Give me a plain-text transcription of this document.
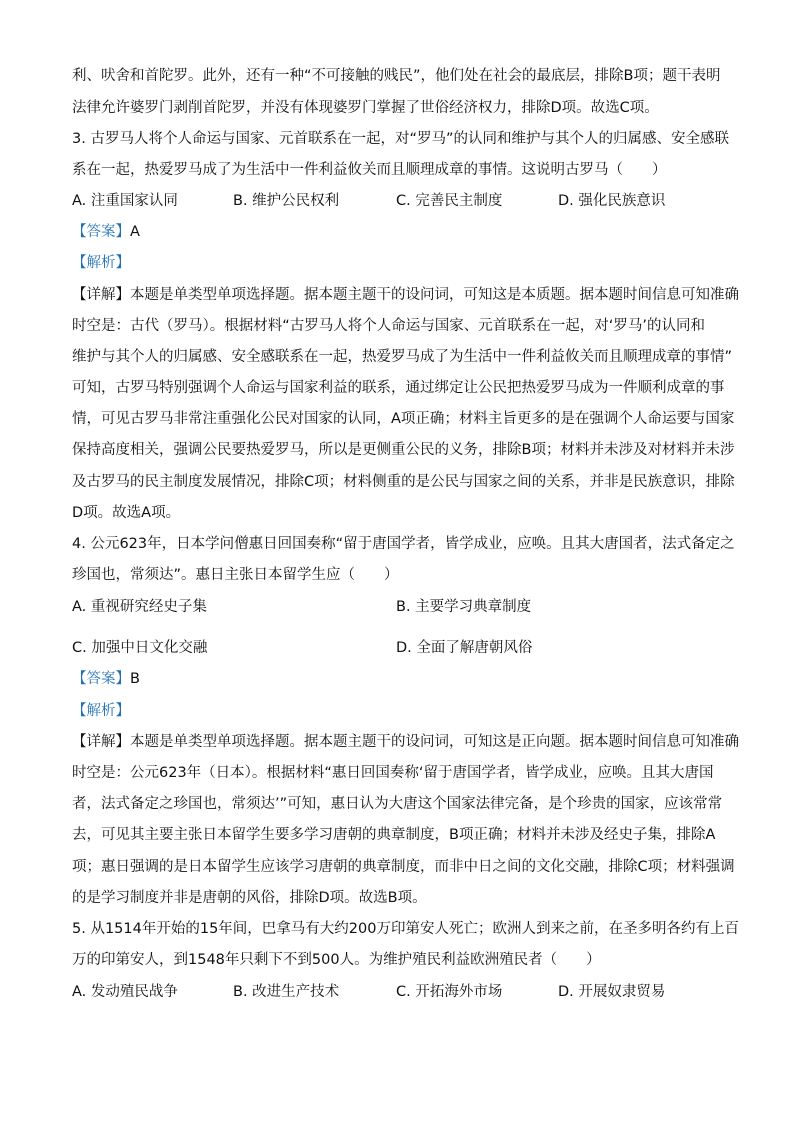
利、吠舍和首陀罗。此外，还有一种“不可接触的贱民”，他们处在社会的最底层，排除B项；题干表明
法律允许婆罗门剥削首陀罗，并没有体现婆罗门掌握了世俗经济权力，排除D项。故选C项。
3. 古罗马人将个人命运与国家、元首联系在一起，对“罗马”的认同和维护与其个人的归属感、安全感联
系在一起，热爱罗马成了为生活中一件利益攸关而且顺理成章的事情。这说明古罗马（　　）
A. 注重国家认同	B. 维护公民权利	C. 完善民主制度	D. 强化民族意识
【答案】A
【解析】
【详解】本题是单类型单项选择题。据本题主题干的设问词，可知这是本质题。据本题时间信息可知准确
时空是：古代（罗马）。根据材料“古罗马人将个人命运与国家、元首联系在一起，对‘罗马’的认同和
维护与其个人的归属感、安全感联系在一起，热爱罗马成了为生活中一件利益攸关而且顺理成章的事情”
可知，古罗马特别强调个人命运与国家利益的联系，通过绑定让公民把热爱罗马成为一件顺利成章的事
情，可见古罗马非常注重强化公民对国家的认同，A项正确；材料主旨更多的是在强调个人命运要与国家
保持高度相关，强调公民要热爱罗马，所以是更侧重公民的义务，排除B项；材料并未涉及对材料并未涉
及古罗马的民主制度发展情况，排除C项；材料侧重的是公民与国家之间的关系，并非是民族意识，排除
D项。故选A项。
4. 公元623年，日本学问僧惠日回国奏称“留于唐国学者，皆学成业，应唤。且其大唐国者，法式备定之
珍国也，常须达”。惠日主张日本留学生应（　　）
A. 重视研究经史子集	B. 主要学习典章制度
C. 加强中日文化交融	D. 全面了解唐朝风俗
【答案】B
【解析】
【详解】本题是单类型单项选择题。据本题主题干的设问词，可知这是正向题。据本题时间信息可知准确
时空是：公元623年（日本）。根据材料“惠日回国奏称‘留于唐国学者，皆学成业，应唤。且其大唐国
者，法式备定之珍国也，常须达’”可知，惠日认为大唐这个国家法律完备，是个珍贵的国家，应该常常
去，可见其主要主张日本留学生要多学习唐朝的典章制度，B项正确；材料并未涉及经史子集，排除A
项；惠日强调的是日本留学生应该学习唐朝的典章制度，而非中日之间的文化交融，排除C项；材料强调
的是学习制度并非是唐朝的风俗，排除D项。故选B项。
5. 从1514年开始的15年间，巴拿马有大约200万印第安人死亡；欧洲人到来之前，在圣多明各约有上百
万的印第安人，到1548年只剩下不到500人。为维护殖民利益欧洲殖民者（　　）
A. 发动殖民战争	B. 改进生产技术	C. 开拓海外市场	D. 开展奴隶贸易
